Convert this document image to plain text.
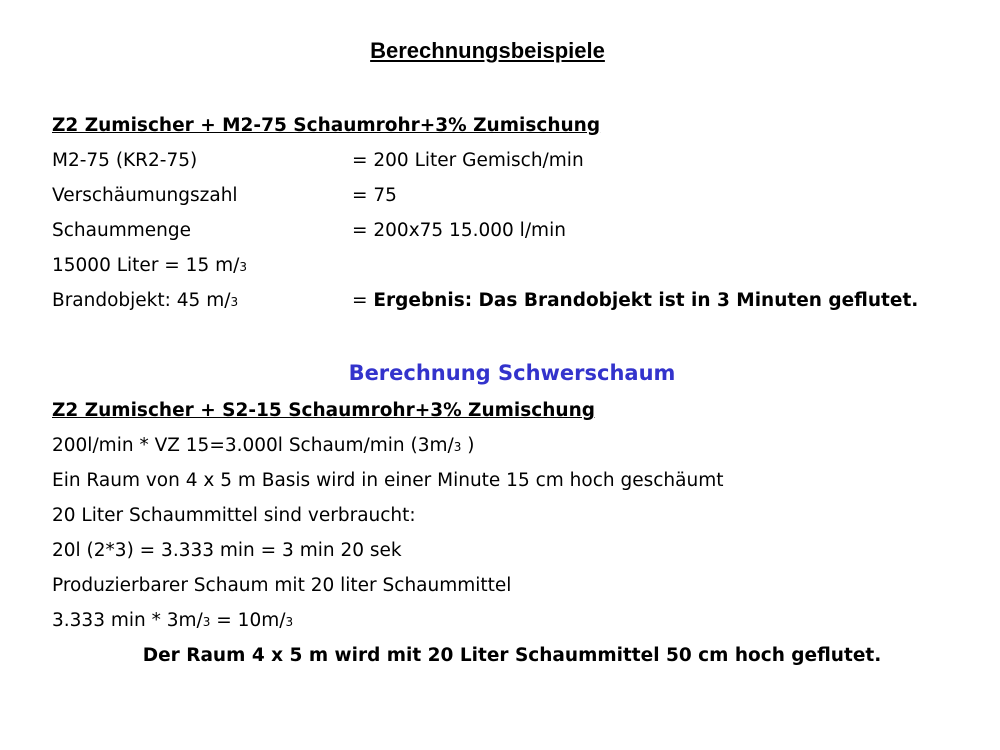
Berechnungsbeispiele
Z2 Zumischer + M2-75 Schaumrohr+3% Zumischung
M2-75 (KR2-75)	= 200 Liter Gemisch/min
Verschäumungszahl	= 75
Schaummenge	= 200x75 15.000 l/min
15000 Liter = 15 m/3
Brandobjekt: 45 m/3	= Ergebnis: Das Brandobjekt ist in 3 Minuten geflutet.
Berechnung Schwerschaum
Z2 Zumischer + S2-15 Schaumrohr+3% Zumischung
200l/min * VZ 15=3.000l Schaum/min (3m/3 )
Ein Raum von 4 x 5 m Basis wird in einer Minute 15 cm hoch geschäumt
20 Liter Schaummittel sind verbraucht:
20l (2*3) = 3.333 min = 3 min 20 sek
Produzierbarer Schaum mit 20 liter Schaummittel
3.333 min * 3m/3 = 10m/3
Der Raum 4 x 5 m wird mit 20 Liter Schaummittel 50 cm hoch geflutet.
